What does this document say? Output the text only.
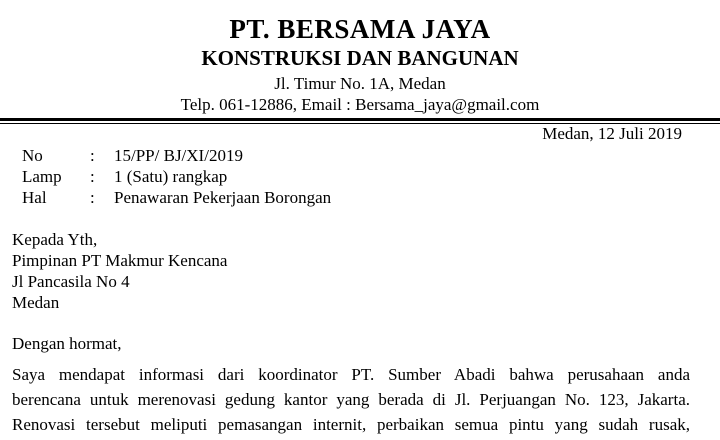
PT. BERSAMA JAYA
KONSTRUKSI DAN BANGUNAN
Jl. Timur No. 1A, Medan
Telp. 061-12886, Email : Bersama_jaya@gmail.com
Medan, 12 Juli 2019
No	: 15/PP/ BJ/XI/2019
Lamp : 1 (Satu) rangkap
Hal	: Penawaran Pekerjaan Borongan
Kepada Yth,
Pimpinan PT Makmur Kencana
Jl Pancasila No 4
Medan
Dengan hormat,
Saya mendapat informasi dari koordinator PT. Sumber Abadi bahwa perusahaan anda
berencana untuk merenovasi gedung kantor yang berada di Jl. Perjuangan No. 123, Jakarta.
Renovasi tersebut meliputi pemasangan internit, perbaikan semua pintu yang sudah rusak,
